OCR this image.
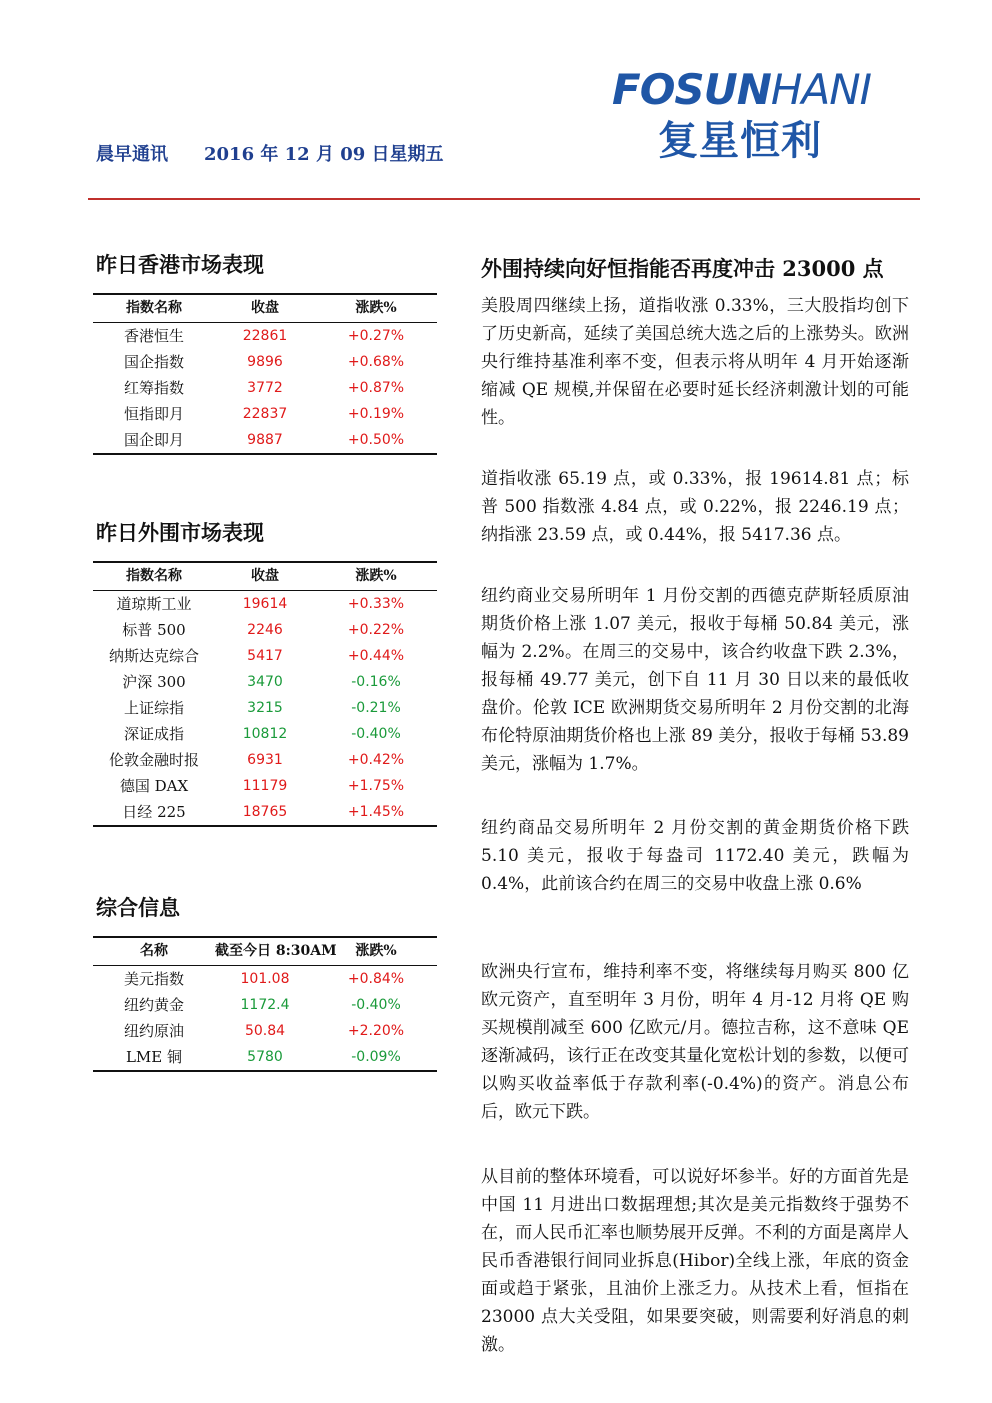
FOSUNHANI
复星恒利
晨早通讯 2016 年 12 月 09 日星期五
昨日香港市场表现
指数名称	收盘	涨跌%
香港恒生	22861	+0.27%
国企指数	9896	+0.68%
红筹指数	3772	+0.87%
恒指即月	22837	+0.19%
国企即月	9887	+0.50%
昨日外围市场表现
指数名称	收盘	涨跌%
道琼斯工业	19614	+0.33%
标普 500	2246	+0.22%
纳斯达克综合	5417	+0.44%
沪深 300	3470	-0.16%
上证综指	3215	-0.21%
深证成指	10812	-0.40%
伦敦金融时报	6931	+0.42%
德国 DAX	11179	+1.75%
日经 225	18765	+1.45%
综合信息
名称	截至今日 8:30AM	涨跌%
美元指数	101.08	+0.84%
纽约黄金	1172.4	-0.40%
纽约原油	50.84	+2.20%
LME 铜	5780	-0.09%
外围持续向好恒指能否再度冲击 23000 点
美股周四继续上扬，道指收涨 0.33%，三大股指均创下了历史新高，延续了美国总统大选之后的上涨势头。欧洲央行维持基准利率不变，但表示将从明年 4 月开始逐渐缩减 QE 规模,并保留在必要时延长经济刺激计划的可能性。
道指收涨 65.19 点，或 0.33%，报 19614.81 点；标普 500 指数涨 4.84 点，或 0.22%，报 2246.19 点；纳指涨 23.59 点，或 0.44%，报 5417.36 点。
纽约商业交易所明年 1 月份交割的西德克萨斯轻质原油期货价格上涨 1.07 美元，报收于每桶 50.84 美元，涨幅为 2.2%。在周三的交易中，该合约收盘下跌 2.3%，报每桶 49.77 美元，创下自 11 月 30 日以来的最低收盘价。伦敦 ICE 欧洲期货交易所明年 2 月份交割的北海布伦特原油期货价格也上涨 89 美分，报收于每桶 53.89 美元，涨幅为 1.7%。
纽约商品交易所明年 2 月份交割的黄金期货价格下跌 5.10 美元，报收于每盎司 1172.40 美元，跌幅为 0.4%，此前该合约在周三的交易中收盘上涨 0.6%
欧洲央行宣布，维持利率不变，将继续每月购买 800 亿欧元资产，直至明年 3 月份，明年 4 月-12 月将 QE 购买规模削减至 600 亿欧元/月。德拉吉称，这不意味 QE 逐渐减码，该行正在改变其量化宽松计划的参数，以便可以购买收益率低于存款利率(-0.4%)的资产。消息公布后，欧元下跌。
从目前的整体环境看，可以说好坏参半。好的方面首先是中国 11 月进出口数据理想;其次是美元指数终于强势不在，而人民币汇率也顺势展开反弹。不利的方面是离岸人民币香港银行间同业拆息(Hibor)全线上涨，年底的资金面或趋于紧张，且油价上涨乏力。从技术上看，恒指在 23000 点大关受阻，如果要突破，则需要利好消息的刺激。
